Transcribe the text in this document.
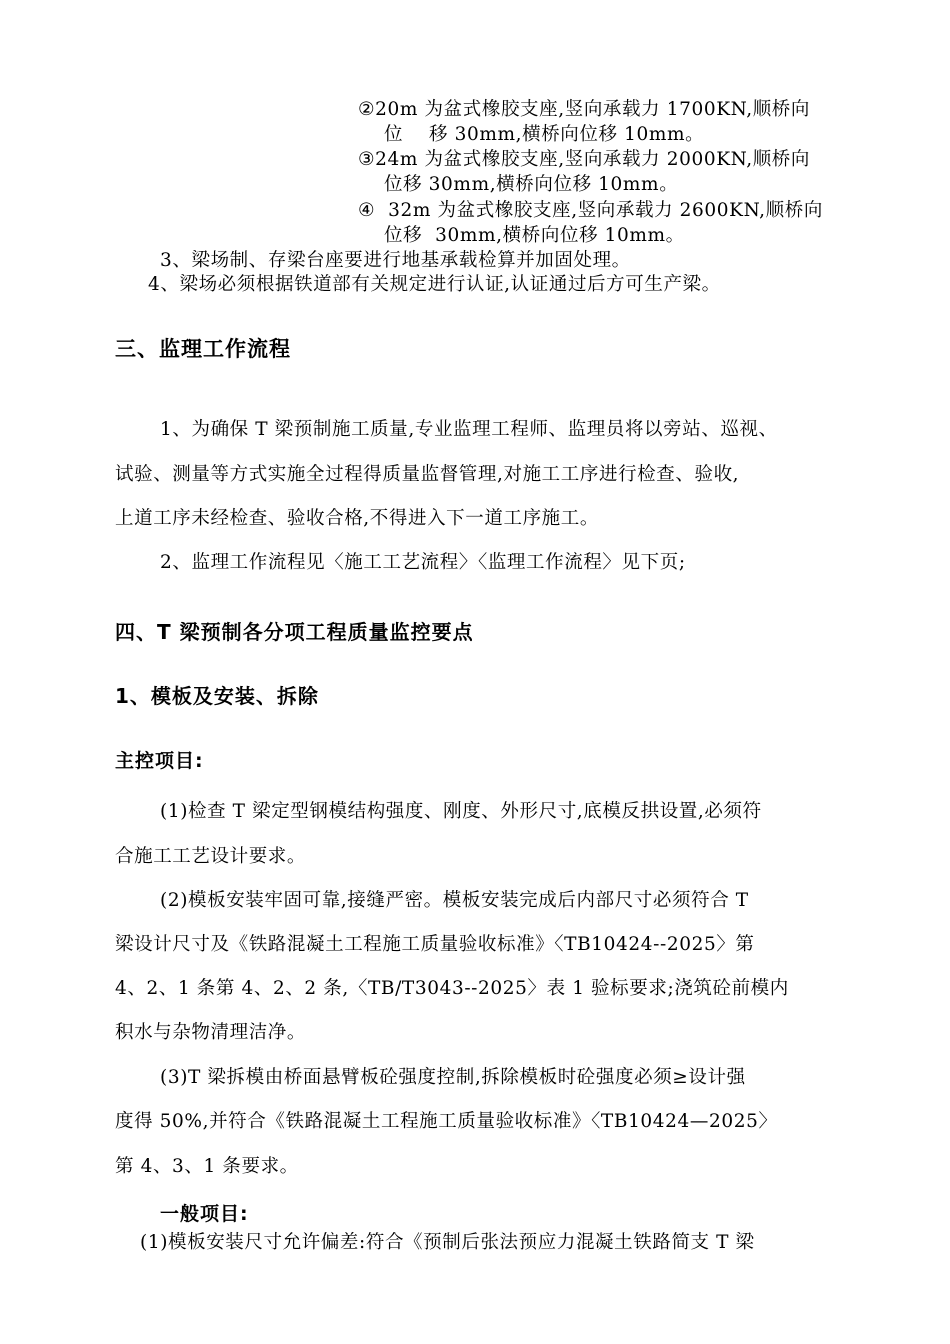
②20m 为盆式橡胶支座,竖向承载力 1700KN,顺桥向
位    移 30mm,横桥向位移 10mm。
③24m 为盆式橡胶支座,竖向承载力 2000KN,顺桥向
位移 30mm,横桥向位移 10mm。
④  32m 为盆式橡胶支座,竖向承载力 2600KN,顺桥向
位移  30mm,横桥向位移 10mm。
3、梁场制、存梁台座要进行地基承载检算并加固处理。
4、梁场必须根据铁道部有关规定进行认证,认证通过后方可生产梁。
三、监理工作流程
1、为确保 T 梁预制施工质量,专业监理工程师、监理员将以旁站、巡视、
试验、测量等方式实施全过程得质量监督管理,对施工工序进行检查、验收,
上道工序未经检查、验收合格,不得进入下一道工序施工。
2、监理工作流程见〈施工工艺流程〉〈监理工作流程〉见下页;
四、T 梁预制各分项工程质量监控要点
1、模板及安装、拆除
主控项目:
(1)检查 T 梁定型钢模结构强度、刚度、外形尺寸,底模反拱设置,必须符
合施工工艺设计要求。
(2)模板安装牢固可靠,接缝严密。模板安装完成后内部尺寸必须符合 T
梁设计尺寸及《铁路混凝土工程施工质量验收标准》〈TB10424--2025〉第
4、2、1 条第 4、2、2 条,〈TB/T3043--2025〉表 1 验标要求;浇筑砼前模内
积水与杂物清理洁净。
(3)T 梁拆模由桥面悬臂板砼强度控制,拆除模板时砼强度必须≥设计强
度得 50%,并符合《铁路混凝土工程施工质量验收标准》〈TB10424—2025〉
第 4、3、1 条要求。
一般项目:
(1)模板安装尺寸允许偏差:符合《预制后张法预应力混凝土铁路简支 T 梁
